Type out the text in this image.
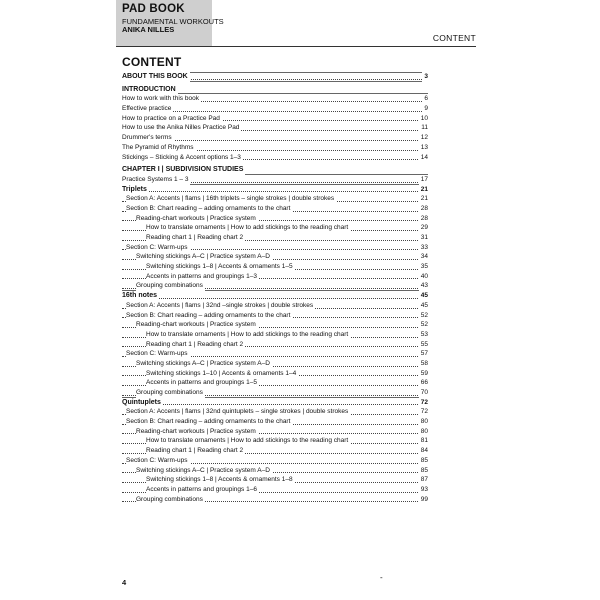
PAD BOOK
FUNDAMENTAL WORKOUTS
ANIKA NILLES
CONTENT
CONTENT
ABOUT THIS BOOK	3
INTRODUCTION
How to work with this book	6
Effective practice	9
How to practice on a Practice Pad	10
How to use the Anika Nilles Practice Pad	11
Drummer's terms	12
The Pyramid of Rhythms	13
Stickings – Sticking & Accent options 1–3	14
CHAPTER I | SUBDIVISION STUDIES
Practice Systems 1 – 3	17
Triplets	21
Section A: Accents | flams | 16th triplets – single strokes | double strokes	21
Section B: Chart reading – adding ornaments to the chart	28
Reading-chart workouts | Practice system	28
How to translate ornaments | How to add stickings to the reading chart	29
Reading chart 1 | Reading chart 2	31
Section C: Warm-ups	33
Switching stickings A–C | Practice system A–D	34
Switching stickings 1–8 | Accents & ornaments 1–5	35
Accents in patterns and groupings 1–3	40
Grouping combinations	43
16th notes	45
Section A: Accents | flams | 32nd –single strokes | double strokes	45
Section B: Chart reading – adding ornaments to the chart	52
Reading-chart workouts | Practice system	52
How to translate ornaments | How to add stickings to the reading chart	53
Reading chart 1 | Reading chart 2	55
Section C: Warm-ups	57
Switching stickings A–C | Practice system A–D	58
Switching stickings 1–10 | Accents & ornaments 1–4	59
Accents in patterns and groupings 1–5	66
Grouping combinations	70
Quintuplets	72
Section A: Accents | flams | 32nd quintuplets – single strokes | double strokes	72
Section B: Chart reading – adding ornaments to the chart	80
Reading-chart workouts | Practice system	80
How to translate ornaments | How to add stickings to the reading chart	81
Reading chart 1 | Reading chart 2	84
Section C: Warm-ups	85
Switching stickings A–C | Practice system A–D	85
Switching stickings 1–8 | Accents & ornaments 1–8	87
Accents in patterns and groupings 1–6	93
Grouping combinations	99
4
-
